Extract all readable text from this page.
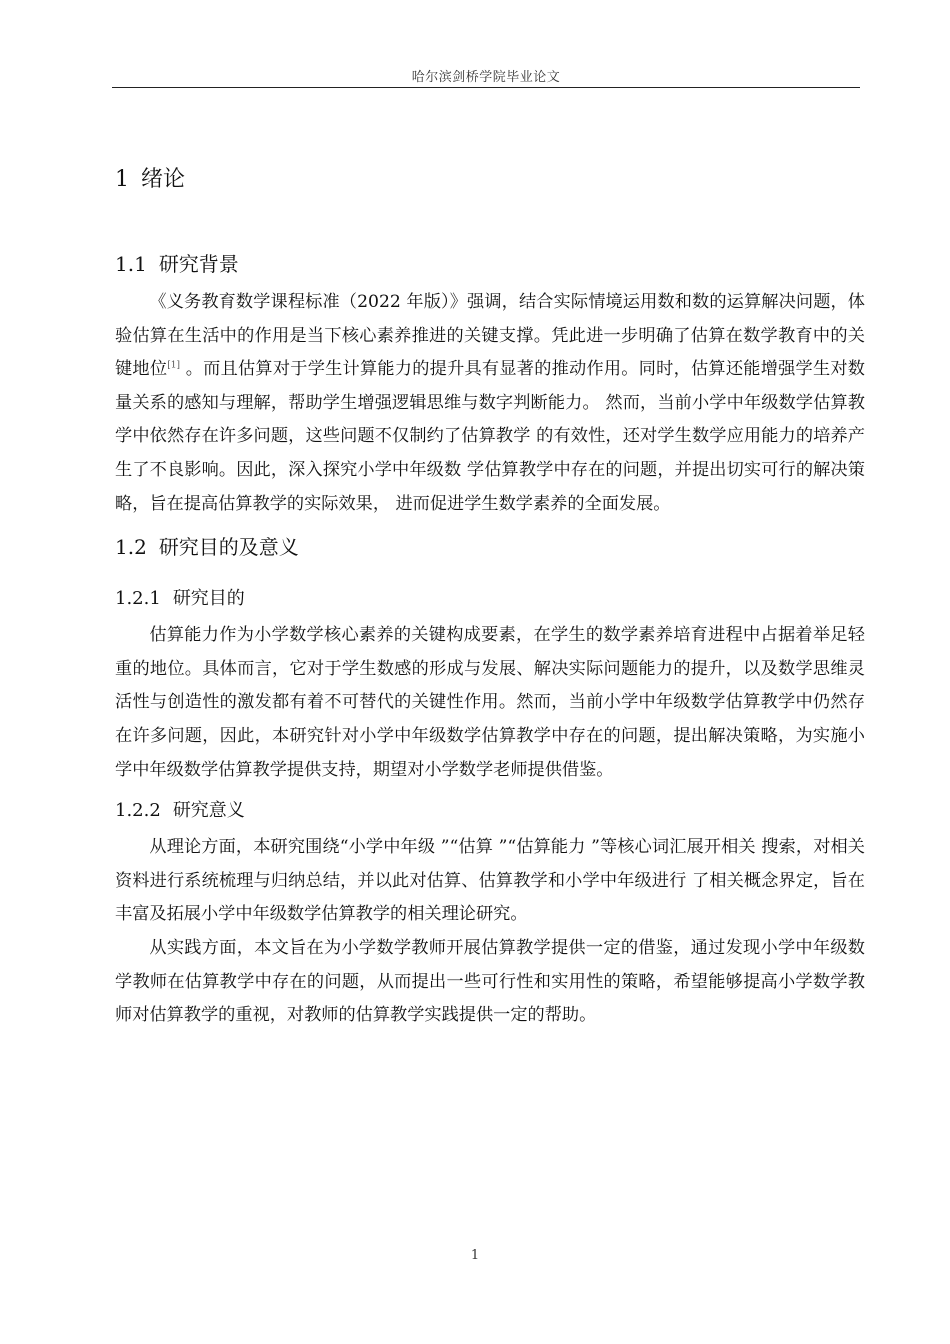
哈尔滨剑桥学院毕业论文
1 绪论
1.1 研究背景

《义务教育数学课程标准（2022 年版）》强调，结合实际情境运用数和数的运算解决问题，体验估算在生活中的作用是当下核心素养推进的关键支撑。凭此进一步明确了估算在数学教育中的关键地位[1] 。而且估算对于学生计算能力的提升具有显著的推动作用。同时，估算还能增强学生对数量关系的感知与理解，帮助学生增强逻辑思维与数字判断能力。 然而，当前小学中年级数学估算教学中依然存在许多问题，这些问题不仅制约了估算教学 的有效性，还对学生数学应用能力的培养产生了不良影响。因此，深入探究小学中年级数 学估算教学中存在的问题，并提出切实可行的解决策略，旨在提高估算教学的实际效果， 进而促进学生数学素养的全面发展。

1.2 研究目的及意义
1.2.1 研究目的

估算能力作为小学数学核心素养的关键构成要素，在学生的数学素养培育进程中占据着举足轻重的地位。具体而言，它对于学生数感的形成与发展、解决实际问题能力的提升，以及数学思维灵活性与创造性的激发都有着不可替代的关键性作用。然而，当前小学中年级数学估算教学中仍然存在许多问题，因此，本研究针对小学中年级数学估算教学中存在的问题，提出解决策略，为实施小学中年级数学估算教学提供支持，期望对小学数学老师提供借鉴。

1.2.2 研究意义

从理论方面，本研究围绕“小学中年级 ”“估算 ”“估算能力 ”等核心词汇展开相关 搜索，对相关资料进行系统梳理与归纳总结，并以此对估算、估算教学和小学中年级进行 了相关概念界定，旨在丰富及拓展小学中年级数学估算教学的相关理论研究。

从实践方面，本文旨在为小学数学教师开展估算教学提供一定的借鉴，通过发现小学中年级数学教师在估算教学中存在的问题，从而提出一些可行性和实用性的策略，希望能够提高小学数学教师对估算教学的重视，对教师的估算教学实践提供一定的帮助。

1
